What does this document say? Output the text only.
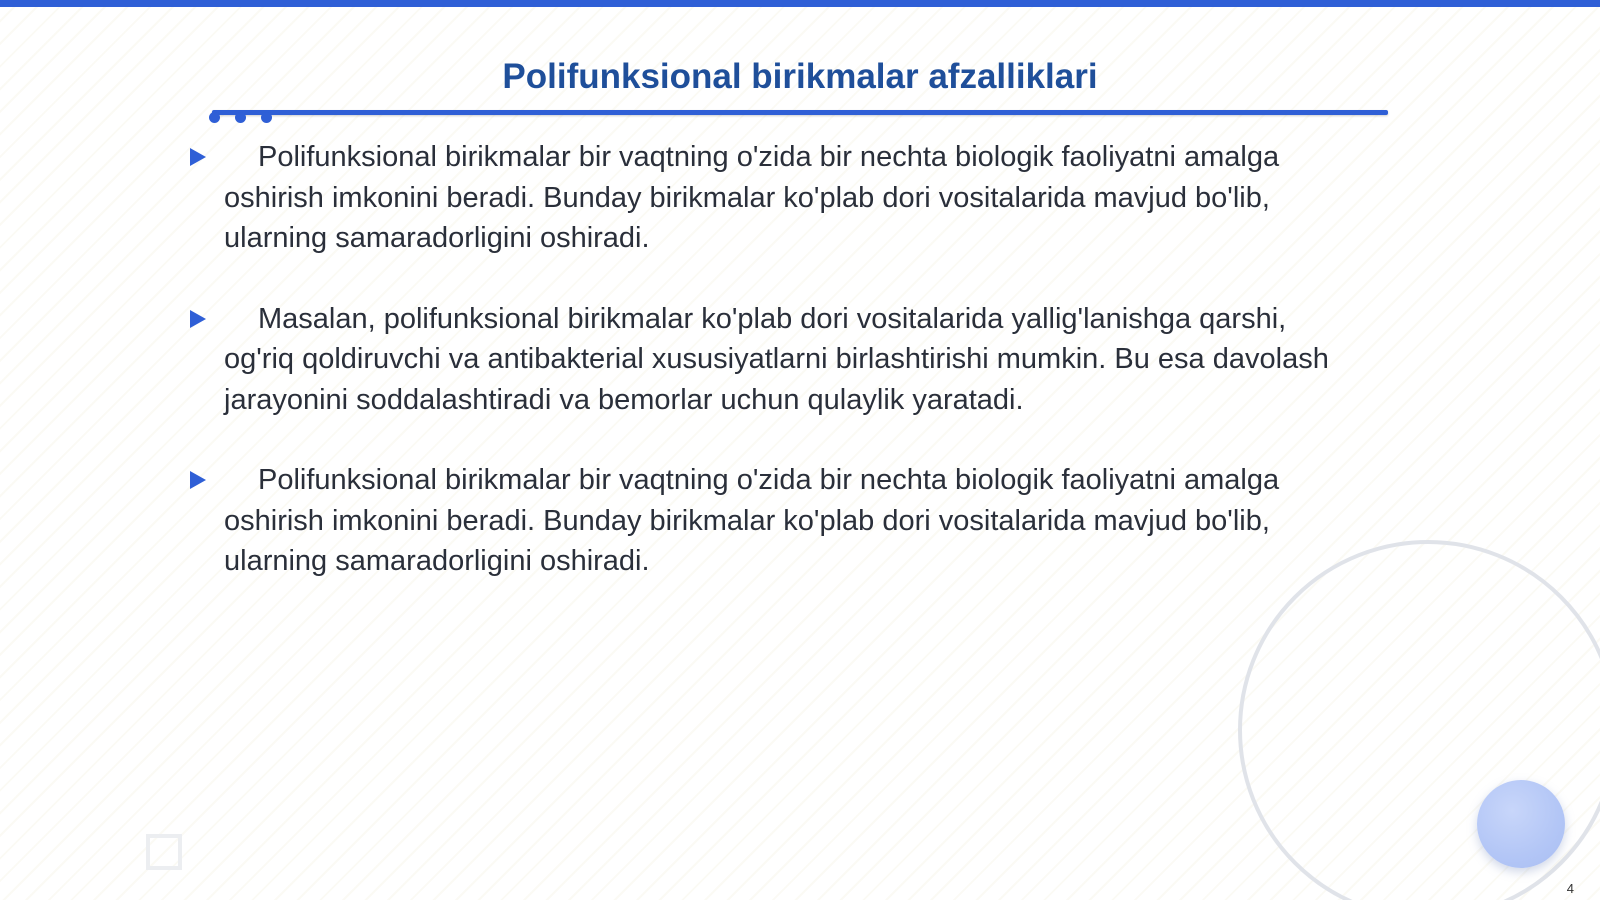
Polifunksional birikmalar afzalliklari
Polifunksional birikmalar bir vaqtning o'zida bir nechta biologik faoliyatni amalga oshirish imkonini beradi. Bunday birikmalar ko'plab dori vositalarida mavjud bo'lib, ularning samaradorligini oshiradi.
Masalan, polifunksional birikmalar ko'plab dori vositalarida yallig'lanishga qarshi, og'riq qoldiruvchi va antibakterial xususiyatlarni birlashtirishi mumkin. Bu esa davolash jarayonini soddalashtiradi va bemorlar uchun qulaylik yaratadi.
Polifunksional birikmalar bir vaqtning o'zida bir nechta biologik faoliyatni amalga oshirish imkonini beradi. Bunday birikmalar ko'plab dori vositalarida mavjud bo'lib, ularning samaradorligini oshiradi.
4
